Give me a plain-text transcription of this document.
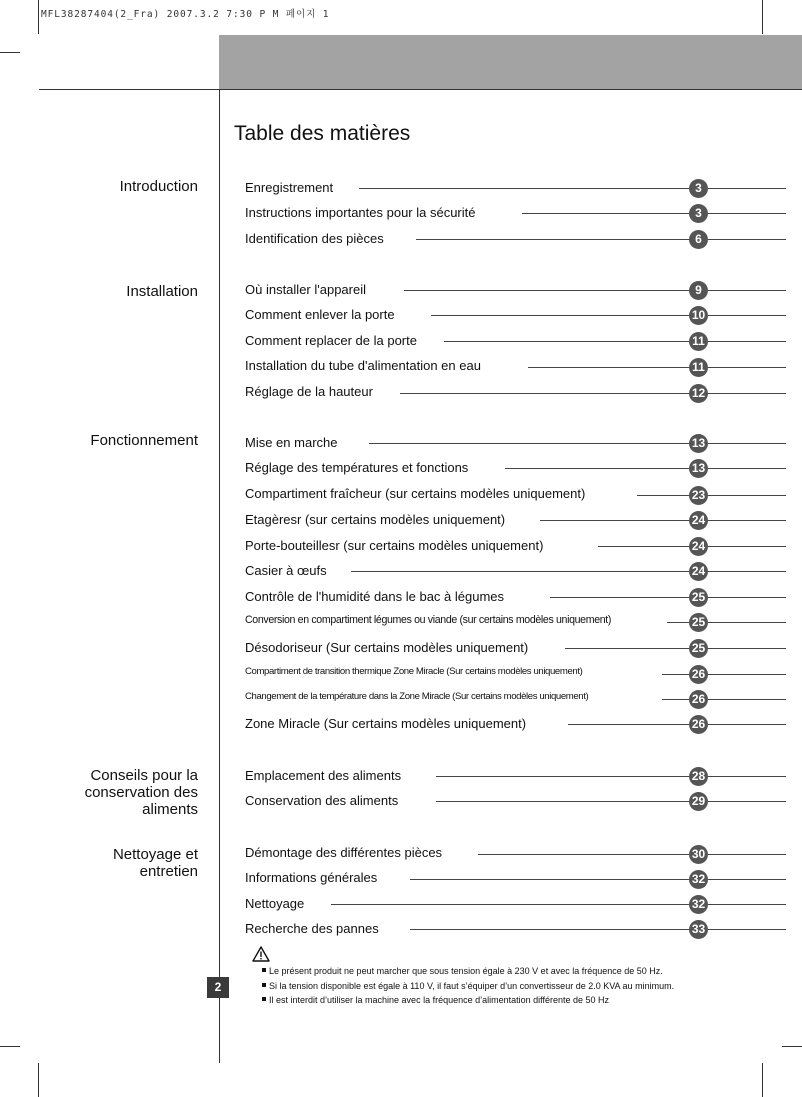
MFL38287404(2_Fra) 2007.3.2 7:30 P M 페이지 1
Table des matières
Introduction
Installation
Fonctionnement
Conseils pour la
conservation des
aliments
Nettoyage et
entretien
Enregistrement	3
Instructions importantes pour la sécurité	3
Identification des pièces	6
Où installer l'appareil	9
Comment enlever la porte	10
Comment replacer de la porte	11
Installation du tube d'alimentation en eau	11
Réglage de la hauteur	12
Mise en marche	13
Réglage des températures et fonctions	13
Compartiment fraîcheur (sur certains modèles uniquement)	23
Etagèresr (sur certains modèles uniquement)	24
Porte-bouteillesr (sur certains modèles uniquement)	24
Casier à œufs	24
Contrôle de l'humidité dans le bac à légumes	25
Conversion en compartiment légumes ou viande (sur certains modèles uniquement)	25
Désodoriseur (Sur certains modèles uniquement)	25
Compartiment de transition thermique Zone Miracle (Sur certains modèles uniquement)	26
Changement de la température dans la Zone Miracle (Sur certains modèles uniquement)	26
Zone Miracle (Sur certains modèles uniquement)	26
Emplacement des aliments	28
Conservation des aliments	29
Démontage des différentes pièces	30
Informations générales	32
Nettoyage	32
Recherche des pannes	33
Le présent produit ne peut marcher que sous tension égale à 230 V et avec la fréquence de 50 Hz.
Si la tension disponible est égale à 110 V, il faut s’équiper d’un convertisseur de 2.0 KVA au minimum.
Il est interdit d’utiliser la machine avec la fréquence d’alimentation différente de 50 Hz
2
